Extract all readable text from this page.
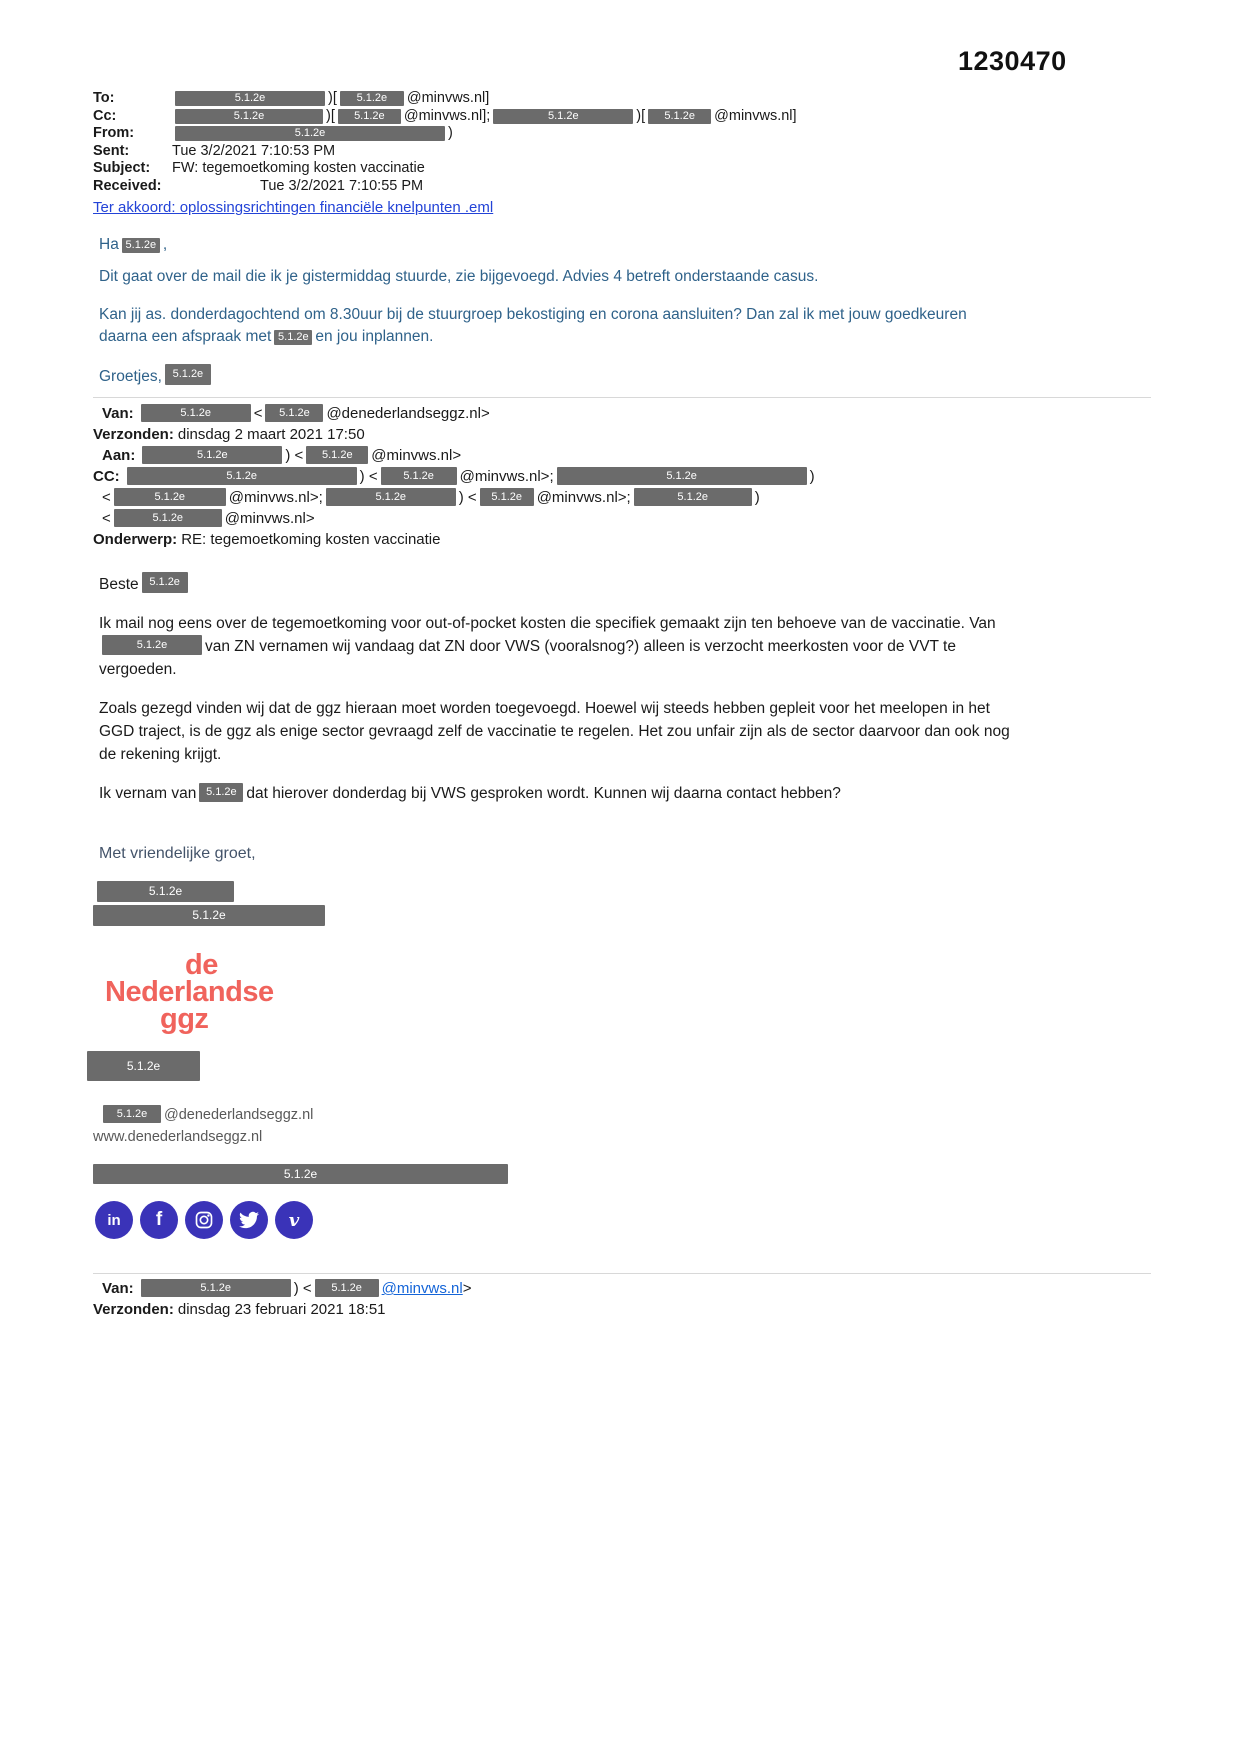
1230470
To:	5.1.2e	)[ 5.1.2e @minvws.nl]
Cc:	5.1.2e	)[ 5.1.2e @minvws.nl];	5.1.2e	)[ 5.1.2e @minvws.nl]
From:	5.1.2e	)
Sent:	Tue 3/2/2021 7:10:53 PM
Subject: FW: tegemoetkoming kosten vaccinatie
Received:	Tue 3/2/2021 7:10:55 PM
Ter akkoord: oplossingsrichtingen financiële knelpunten .eml
Ha 5.1.2e ,
Dit gaat over de mail die ik je gistermiddag stuurde, zie bijgevoegd. Advies 4 betreft onderstaande casus.
Kan jij as. donderdagochtend om 8.30uur bij de stuurgroep bekostiging en corona aansluiten? Dan zal ik met jouw goedkeuren
daarna een afspraak met 5.1.2e en jou inplannen.
Groetjes, 5.1.2e
Van:	5.1.2e	< 5.1.2e @denederlandseggz.nl>
Verzonden: dinsdag 2 maart 2021 17:50
Aan:	5.1.2e	) < 5.1.2e @minvws.nl>
CC:	5.1.2e	) < 5.1.2e @minvws.nl>;	5.1.2e	)
<	5.1.2e	@minvws.nl>;	5.1.2e	) < 5.1.2e @minvws.nl>;	5.1.2e	)
<	5.1.2e	@minvws.nl>
Onderwerp: RE: tegemoetkoming kosten vaccinatie
Beste 5.1.2e
Ik mail nog eens over de tegemoetkoming voor out-of-pocket kosten die specifiek gemaakt zijn ten behoeve van de vaccinatie. Van
5.1.2e van ZN vernamen wij vandaag dat ZN door VWS (vooralsnog?) alleen is verzocht meerkosten voor de VVT te
vergoeden.
Zoals gezegd vinden wij dat de ggz hieraan moet worden toegevoegd. Hoewel wij steeds hebben gepleit voor het meelopen in het
GGD traject, is de ggz als enige sector gevraagd zelf de vaccinatie te regelen. Het zou unfair zijn als de sector daarvoor dan ook nog
de rekening krijgt.
Ik vernam van 5.1.2e dat hierover donderdag bij VWS gesproken wordt. Kunnen wij daarna contact hebben?
Met vriendelijke groet,
5.1.2e
5.1.2e
de
Nederlandse
ggz
5.1.2e
5.1.2e @denederlandseggz.nl
www.denederlandseggz.nl
5.1.2e
in	f	v
Van:	5.1.2e	) < 5.1.2e @minvws.nl>
Verzonden: dinsdag 23 februari 2021 18:51
